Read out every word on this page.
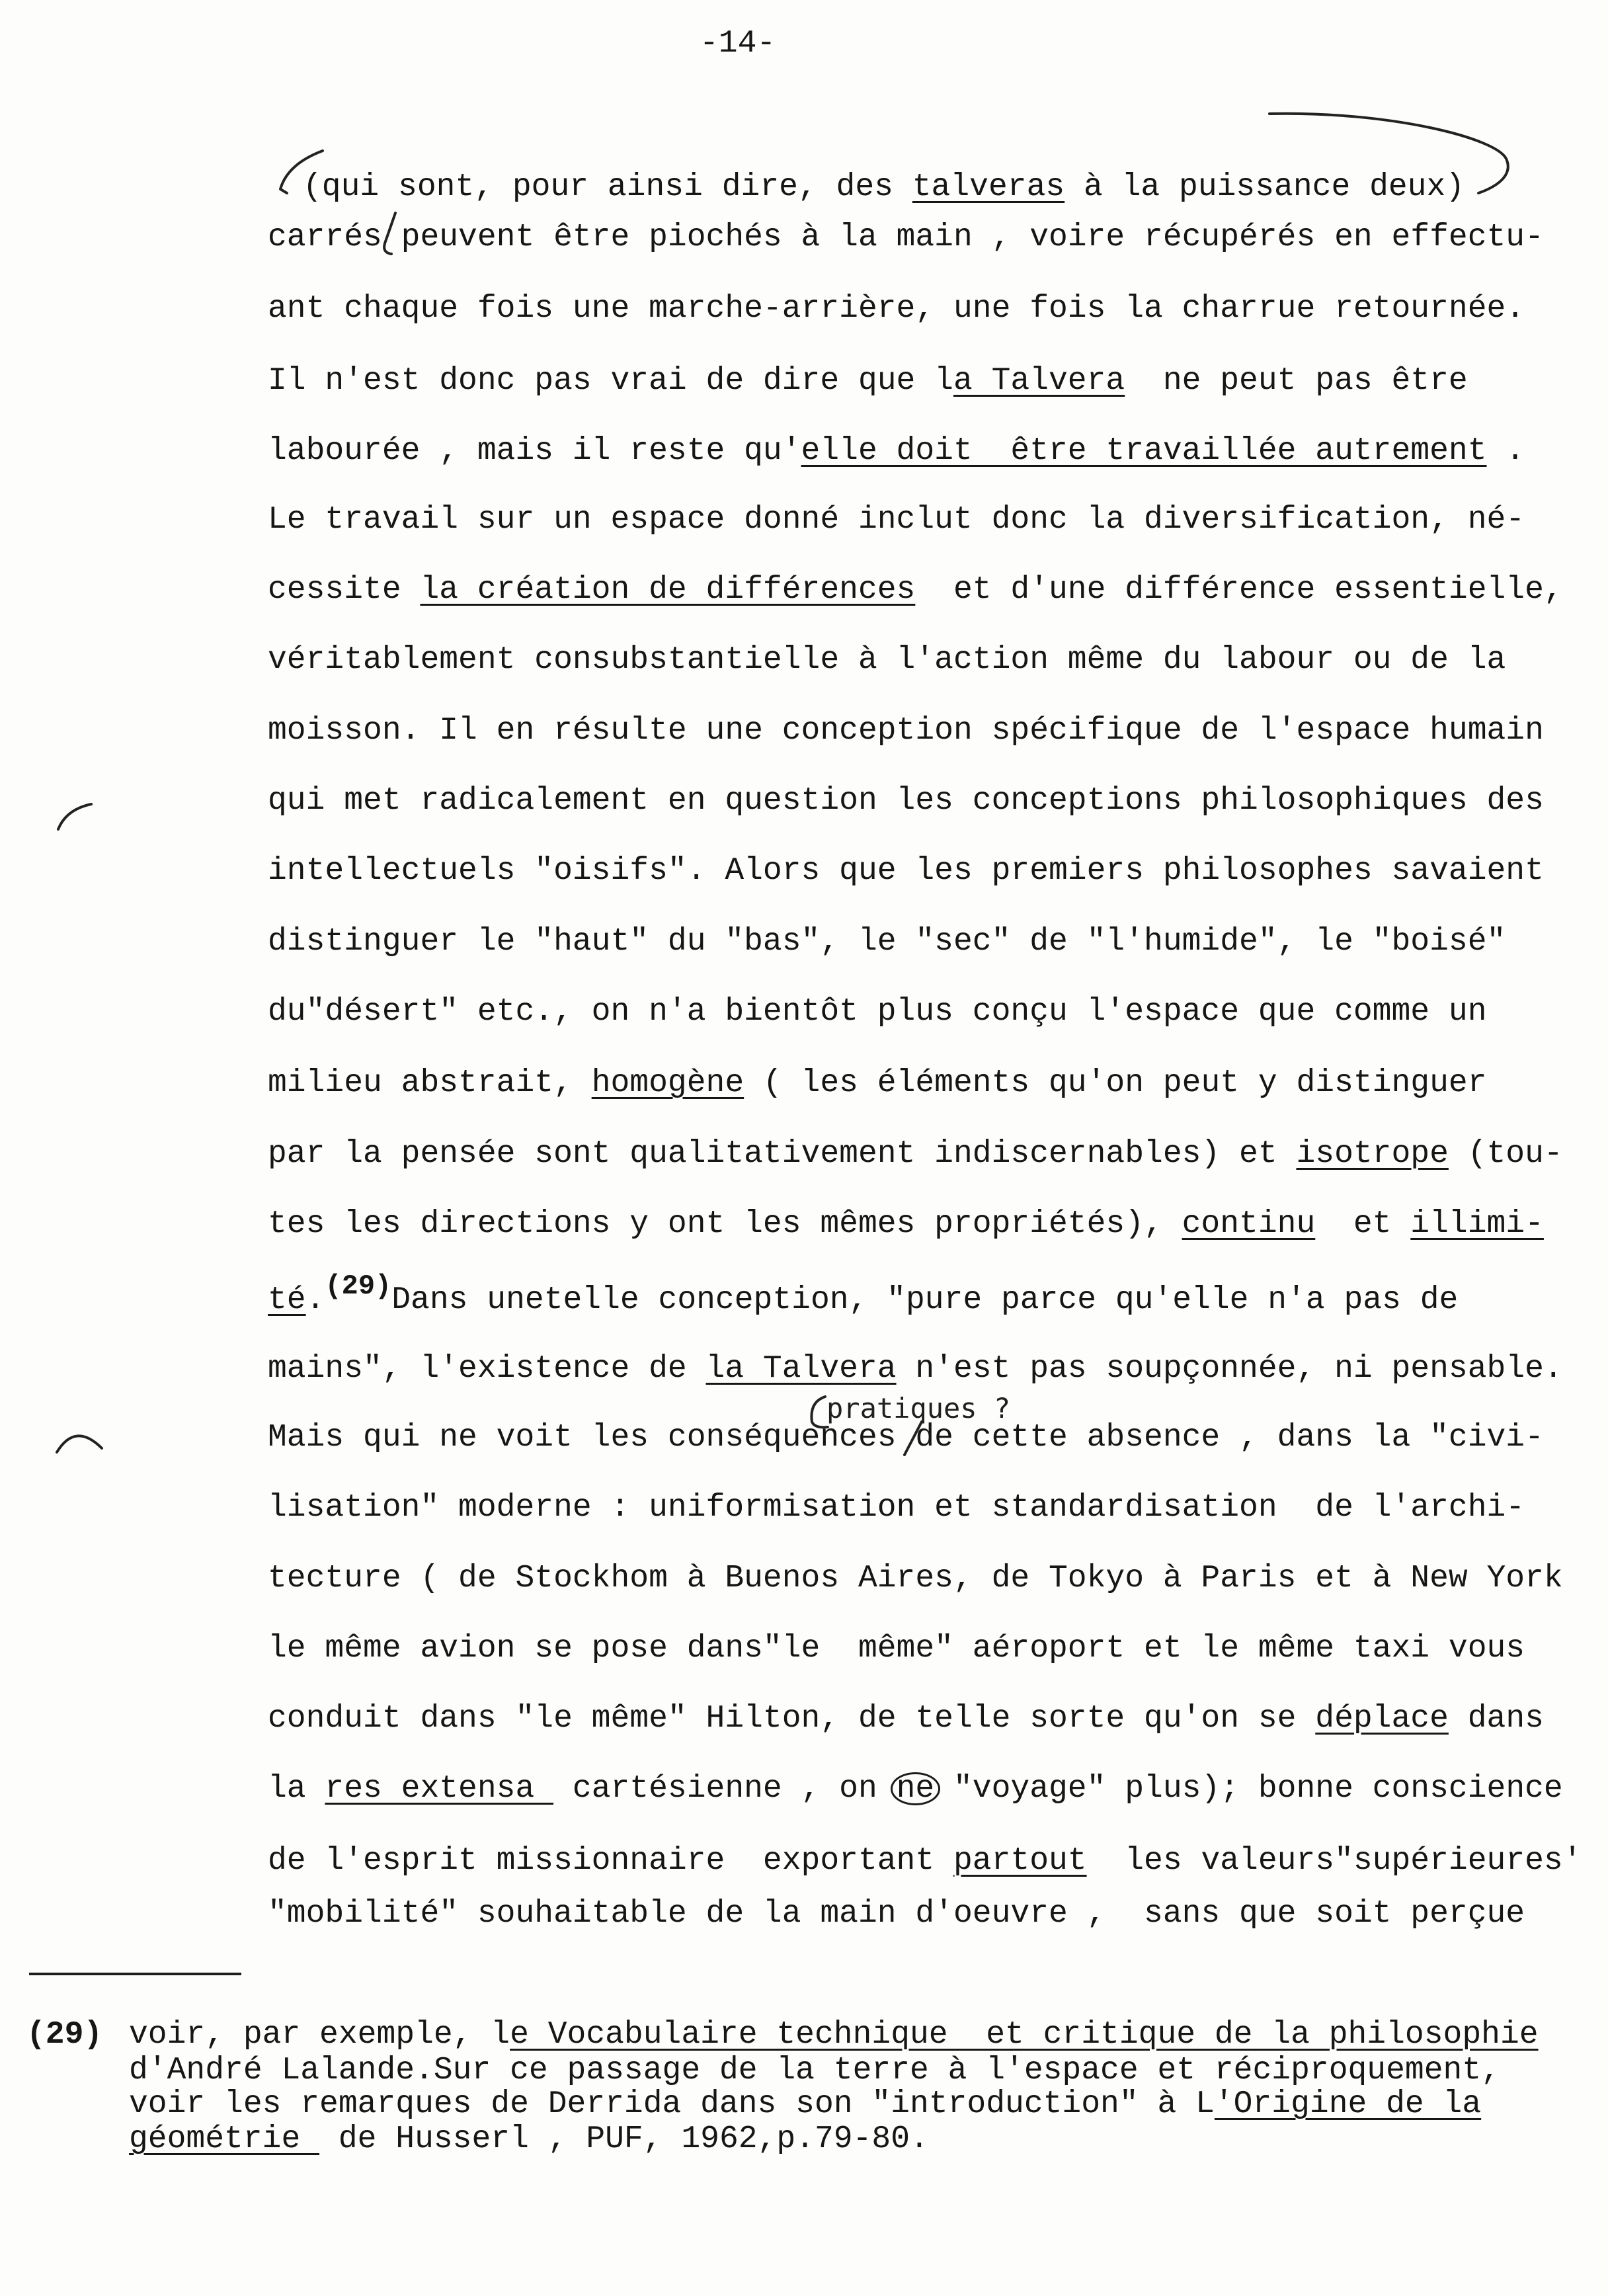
-14-
(qui sont, pour ainsi dire, des talveras à la puissance deux)
carrés peuvent être piochés à la main , voire récupérés en effectu-
ant chaque fois une marche-arrière, une fois la charrue retournée.
Il n'est donc pas vrai de dire que la Talvera  ne peut pas être
labourée , mais il reste qu'elle doit  être travaillée autrement .
Le travail sur un espace donné inclut donc la diversification, né-
cessite la création de différences  et d'une différence essentielle,
véritablement consubstantielle à l'action même du labour ou de la
moisson. Il en résulte une conception spécifique de l'espace humain
qui met radicalement en question les conceptions philosophiques des
intellectuels "oisifs". Alors que les premiers philosophes savaient
distinguer le "haut" du "bas", le "sec" de "l'humide", le "boisé"
du"désert" etc., on n'a bientôt plus conçu l'espace que comme un
milieu abstrait, homogène ( les éléments qu'on peut y distinguer
par la pensée sont qualitativement indiscernables) et isotrope (tou-
tes les directions y ont les mêmes propriétés), continu  et illimi-
té.(29)Dans unetelle conception, "pure parce qu'elle n'a pas de
mains", l'existence de la Talvera n'est pas soupçonnée, ni pensable.
pratiques ?
Mais qui ne voit les conséquences de cette absence , dans la "civi-
lisation" moderne : uniformisation et standardisation  de l'archi-
tecture ( de Stockhom à Buenos Aires, de Tokyo à Paris et à New York
le même avion se pose dans"le  même" aéroport et le même taxi vous
conduit dans "le même" Hilton, de telle sorte qu'on se déplace dans
la res extensa  cartésienne , on ne "voyage" plus); bonne conscience
de l'esprit missionnaire  exportant partout  les valeurs"supérieures'
"mobilité" souhaitable de la main d'oeuvre ,  sans que soit perçue
(29) voir, par exemple, le Vocabulaire technique  et critique de la philosophie
d'André Lalande.Sur ce passage de la terre à l'espace et réciproquement,
voir les remarques de Derrida dans son "introduction" à L'Origine de la
géométrie  de Husserl , PUF, 1962,p.79-80.
